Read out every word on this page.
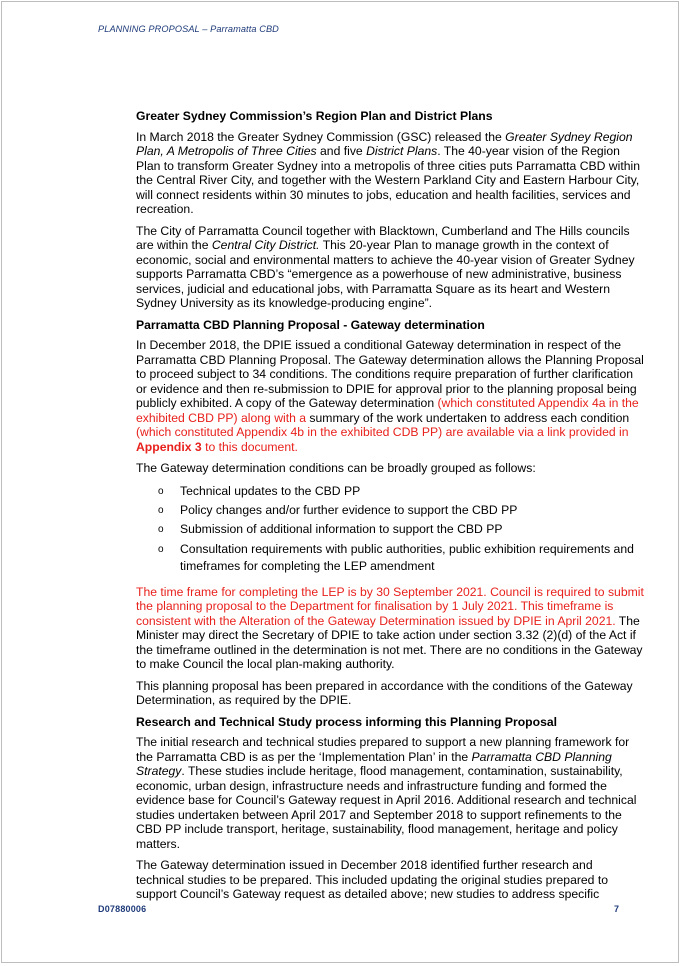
PLANNING PROPOSAL – Parramatta CBD
Greater Sydney Commission’s Region Plan and District Plans

In March 2018 the Greater Sydney Commission (GSC) released the Greater Sydney Region Plan, A Metropolis of Three Cities and five District Plans. The 40-year vision of the Region Plan to transform Greater Sydney into a metropolis of three cities puts Parramatta CBD within the Central River City, and together with the Western Parkland City and Eastern Harbour City, will connect residents within 30 minutes to jobs, education and health facilities, services and recreation.

The City of Parramatta Council together with Blacktown, Cumberland and The Hills councils are within the Central City District. This 20-year Plan to manage growth in the context of economic, social and environmental matters to achieve the 40-year vision of Greater Sydney supports Parramatta CBD’s “emergence as a powerhouse of new administrative, business services, judicial and educational jobs, with Parramatta Square as its heart and Western Sydney University as its knowledge-producing engine”.

Parramatta CBD Planning Proposal - Gateway determination

In December 2018, the DPIE issued a conditional Gateway determination in respect of the Parramatta CBD Planning Proposal. The Gateway determination allows the Planning Proposal to proceed subject to 34 conditions. The conditions require preparation of further clarification or evidence and then re-submission to DPIE for approval prior to the planning proposal being publicly exhibited. A copy of the Gateway determination (which constituted Appendix 4a in the exhibited CBD PP) along with a summary of the work undertaken to address each condition (which constituted Appendix 4b in the exhibited CDB PP) are available via a link provided in Appendix 3 to this document.

The Gateway determination conditions can be broadly grouped as follows:

o Technical updates to the CBD PP
o Policy changes and/or further evidence to support the CBD PP
o Submission of additional information to support the CBD PP
o Consultation requirements with public authorities, public exhibition requirements and timeframes for completing the LEP amendment

The time frame for completing the LEP is by 30 September 2021. Council is required to submit the planning proposal to the Department for finalisation by 1 July 2021. This timeframe is consistent with the Alteration of the Gateway Determination issued by DPIE in April 2021. The Minister may direct the Secretary of DPIE to take action under section 3.32 (2)(d) of the Act if the timeframe outlined in the determination is not met. There are no conditions in the Gateway to make Council the local plan-making authority.

This planning proposal has been prepared in accordance with the conditions of the Gateway Determination, as required by the DPIE.

Research and Technical Study process informing this Planning Proposal

The initial research and technical studies prepared to support a new planning framework for the Parramatta CBD is as per the ‘Implementation Plan’ in the Parramatta CBD Planning Strategy. These studies include heritage, flood management, contamination, sustainability, economic, urban design, infrastructure needs and infrastructure funding and formed the evidence base for Council’s Gateway request in April 2016. Additional research and technical studies undertaken between April 2017 and September 2018 to support refinements to the CBD PP include transport, heritage, sustainability, flood management, heritage and policy matters.

The Gateway determination issued in December 2018 identified further research and technical studies to be prepared. This included updating the original studies prepared to support Council’s Gateway request as detailed above; new studies to address specific

D07880006	7
